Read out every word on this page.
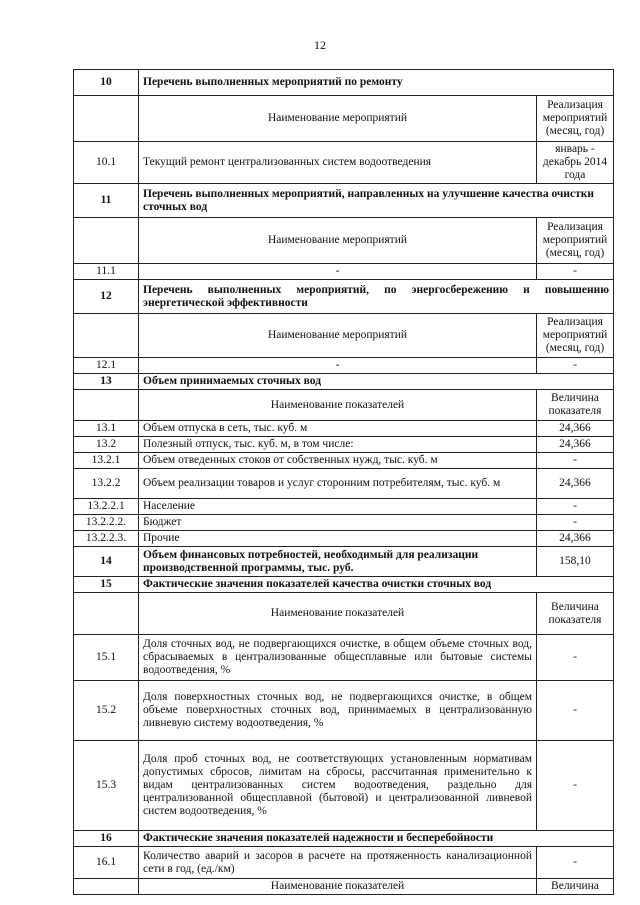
12
10	Перечень выполненных мероприятий по ремонту	
	Наименование мероприятий	Реализация мероприятий (месяц, год)
10.1	Текущий ремонт централизованных систем водоотведения	январь - декабрь 2014 года
11	Перечень выполненных мероприятий, направленных на улучшение качества очистки сточных вод	
	Наименование мероприятий	Реализация мероприятий (месяц, год)
11.1	-	-
12	Перечень выполненных мероприятий, по энергосбережению и повышению энергетической эффективности	
	Наименование мероприятий	Реализация мероприятий (месяц, год)
12.1	-	-
13	Объем принимаемых сточных вод	
	Наименование показателей	Величина показателя
13.1	Объем отпуска в сеть, тыс. куб. м	24,366
13.2	Полезный отпуск, тыс. куб. м, в том числе:	24,366
13.2.1	Объем отведенных стоков от собственных нужд, тыс. куб. м	-
13.2.2	Объем реализации товаров и услуг сторонним потребителям, тыс. куб. м	24,366
13.2.2.1	Население	-
13.2.2.2.	Бюджет	-
13.2.2.3.	Прочие	24,366
14	Объем финансовых потребностей, необходимый для реализации производственной программы, тыс. руб.	158,10
15	Фактические значения показателей качества очистки сточных вод	
	Наименование показателей	Величина показателя
15.1	Доля сточных вод, не подвергающихся очистке, в общем объеме сточных вод, сбрасываемых в централизованные общесплавные или бытовые системы водоотведения, %	-
15.2	Доля поверхностных сточных вод, не подвергающихся очистке, в общем объеме поверхностных сточных вод, принимаемых в централизованную ливневую систему водоотведения, %	-
15.3	Доля проб сточных вод, не соответствующих установленным нормативам допустимых сбросов, лимитам на сбросы, рассчитанная применительно к видам централизованных систем водоотведения, раздельно для централизованной общесплавной (бытовой) и централизованной ливневой систем водоотведения, %	-
16	Фактические значения показателей надежности и бесперебойности	
16.1	Количество аварий и засоров в расчете на протяженность канализационной сети в год, (ед./км)	-
	Наименование показателей	Величина
